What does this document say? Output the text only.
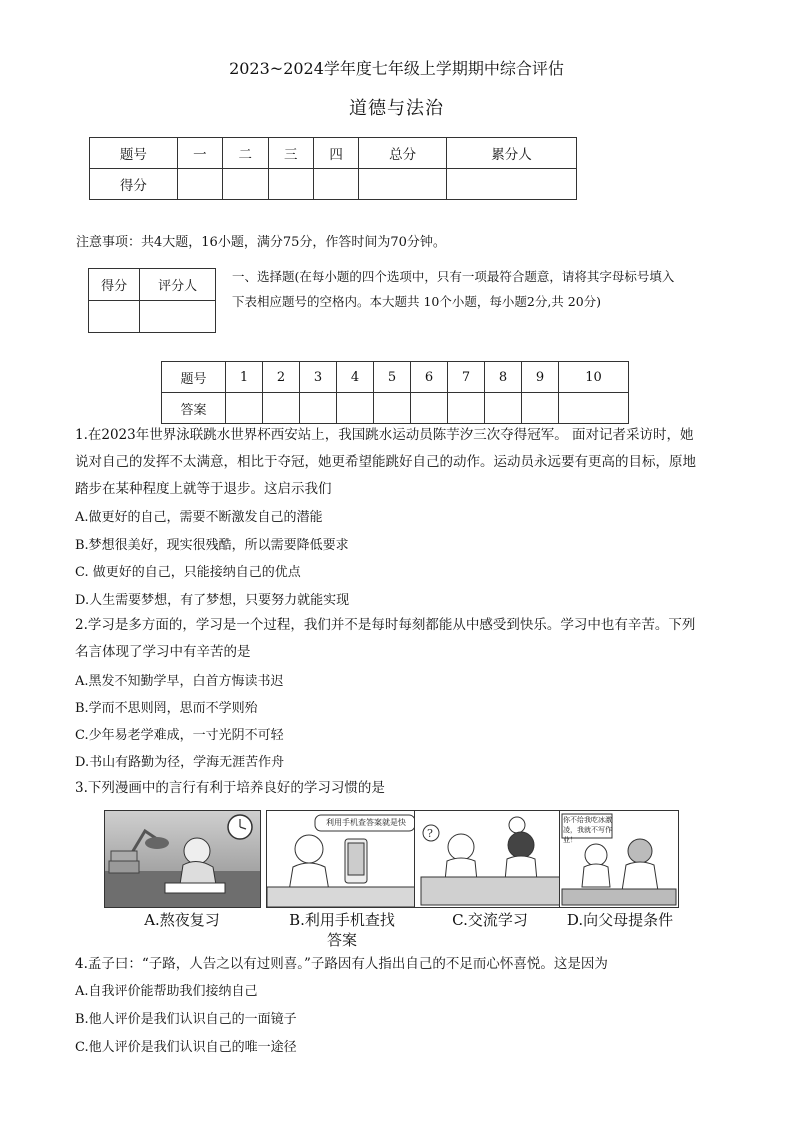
2023~2024学年度七年级上学期期中综合评估
道德与法治
题号	一	二	三	四	总分	累分人
得分						
注意事项：共4大题，16小题，满分75分，作答时间为70分钟。
得分	评分人

一、选择题(在每小题的四个选项中，只有一项最符合题意，请将其字母标号填入
下表相应题号的空格内。本大题共 10个小题，每小题2分,共 20分)
题号	1	2	3	4	5	6	7	8	9	10
答案										
1.在2023年世界泳联跳水世界杯西安站上，我国跳水运动员陈芋汐三次夺得冠军。 面对记者采访时，她
说对自己的发挥不太满意，相比于夺冠，她更希望能跳好自己的动作。运动员永远要有更高的目标，原地
踏步在某种程度上就等于退步。这启示我们
A.做更好的自己，需要不断激发自己的潜能
B.梦想很美好，现实很残酷，所以需要降低要求
C. 做更好的自己，只能接纳自己的优点
D.人生需要梦想，有了梦想，只要努力就能实现
2.学习是多方面的，学习是一个过程，我们并不是每时每刻都能从中感受到快乐。学习中也有辛苦。下列
名言体现了学习中有辛苦的是
A.黑发不知勤学早，白首方悔读书迟
B.学而不思则罔，思而不学则殆
C.少年易老学难成，一寸光阴不可轻
D.书山有路勤为径，学海无涯苦作舟
3.下列漫画中的言行有利于培养良好的学习习惯的是
A.熬夜复习
利用手机查答案就是快
B.利用手机查找
答案
?
C.交流学习
你不给我吃冰激凌，我就不写作业！
D.向父母提条件
4.孟子曰：“子路，人告之以有过则喜。”子路因有人指出自己的不足而心怀喜悦。这是因为
A.自我评价能帮助我们接纳自己
B.他人评价是我们认识自己的一面镜子
C.他人评价是我们认识自己的唯一途径
